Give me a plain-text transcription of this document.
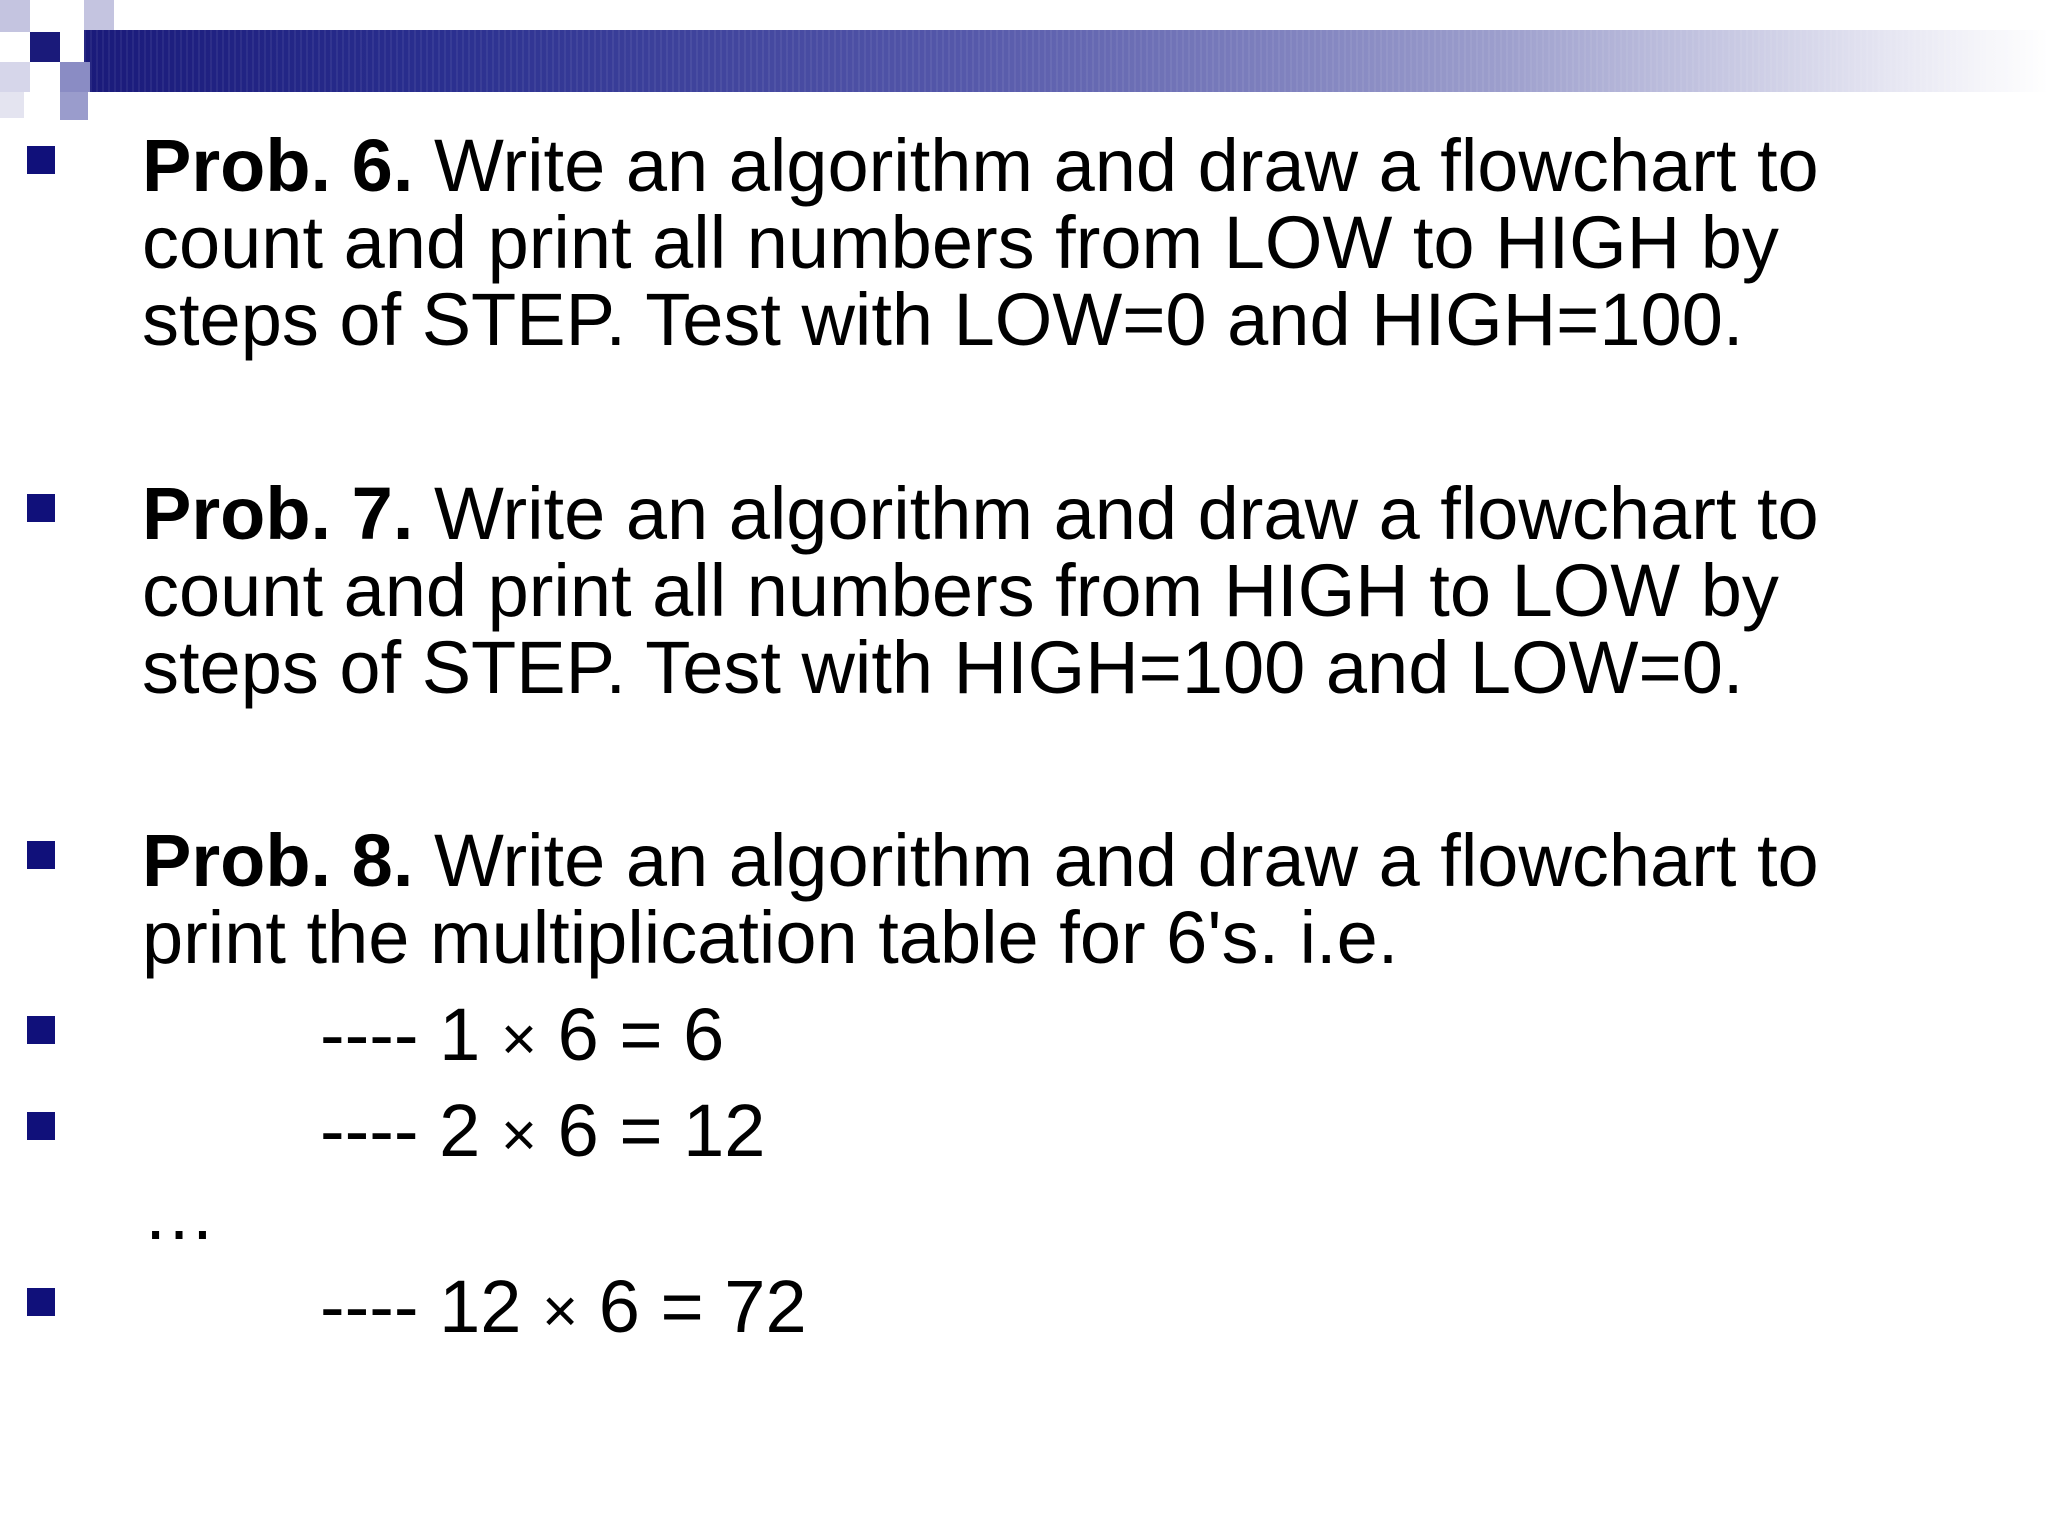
Prob. 6. Write an algorithm and draw a flowchart to
count and print all numbers from LOW to HIGH by
steps of STEP. Test with LOW=0 and HIGH=100.
Prob. 7. Write an algorithm and draw a flowchart to
count and print all numbers from HIGH to LOW by
steps of STEP. Test with HIGH=100 and LOW=0.
Prob. 8. Write an algorithm and draw a flowchart to
print the multiplication table for 6's. i.e.
---- 1 × 6 = 6
---- 2 × 6 = 12
…
---- 12 × 6 = 72
